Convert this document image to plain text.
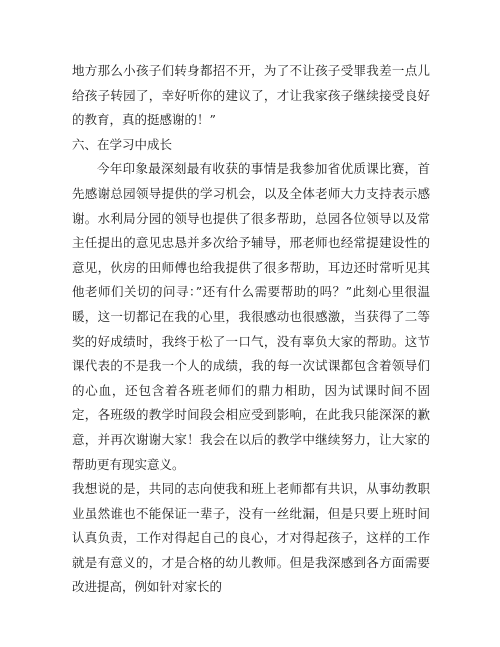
地方那么小孩子们转身都招不开，为了不让孩子受罪我差一点儿给孩子转园了，幸好听你的建议了，才让我家孩子继续接受良好的教育，真的挺感谢的！”

六、在学习中成长

今年印象最深刻最有收获的事情是我参加省优质课比赛，首先感谢总园领导提供的学习机会，以及全体老师大力支持表示感谢。水利局分园的领导也提供了很多帮助，总园各位领导以及常主任提出的意见忠恳并多次给予辅导，邢老师也经常提建设性的意见，伙房的田师傅也给我提供了很多帮助，耳边还时常听见其他老师们关切的问寻：”还有什么需要帮助的吗？”此刻心里很温暖，这一切都记在我的心里，我很感动也很感激，当获得了二等奖的好成绩时，我终于松了一口气，没有辜负大家的帮助。这节课代表的不是我一个人的成绩，我的每一次试课都包含着领导们的心血，还包含着各班老师们的鼎力相助，因为试课时间不固定，各班级的教学时间段会相应受到影响，在此我只能深深的歉意，并再次谢谢大家！我会在以后的教学中继续努力，让大家的帮助更有现实意义。

我想说的是，共同的志向使我和班上老师都有共识，从事幼教职业虽然谁也不能保证一辈子，没有一丝纰漏，但是只要上班时间认真负责，工作对得起自己的良心，才对得起孩子，这样的工作就是有意义的，才是合格的幼儿教师。但是我深感到各方面需要改进提高，例如针对家长的
